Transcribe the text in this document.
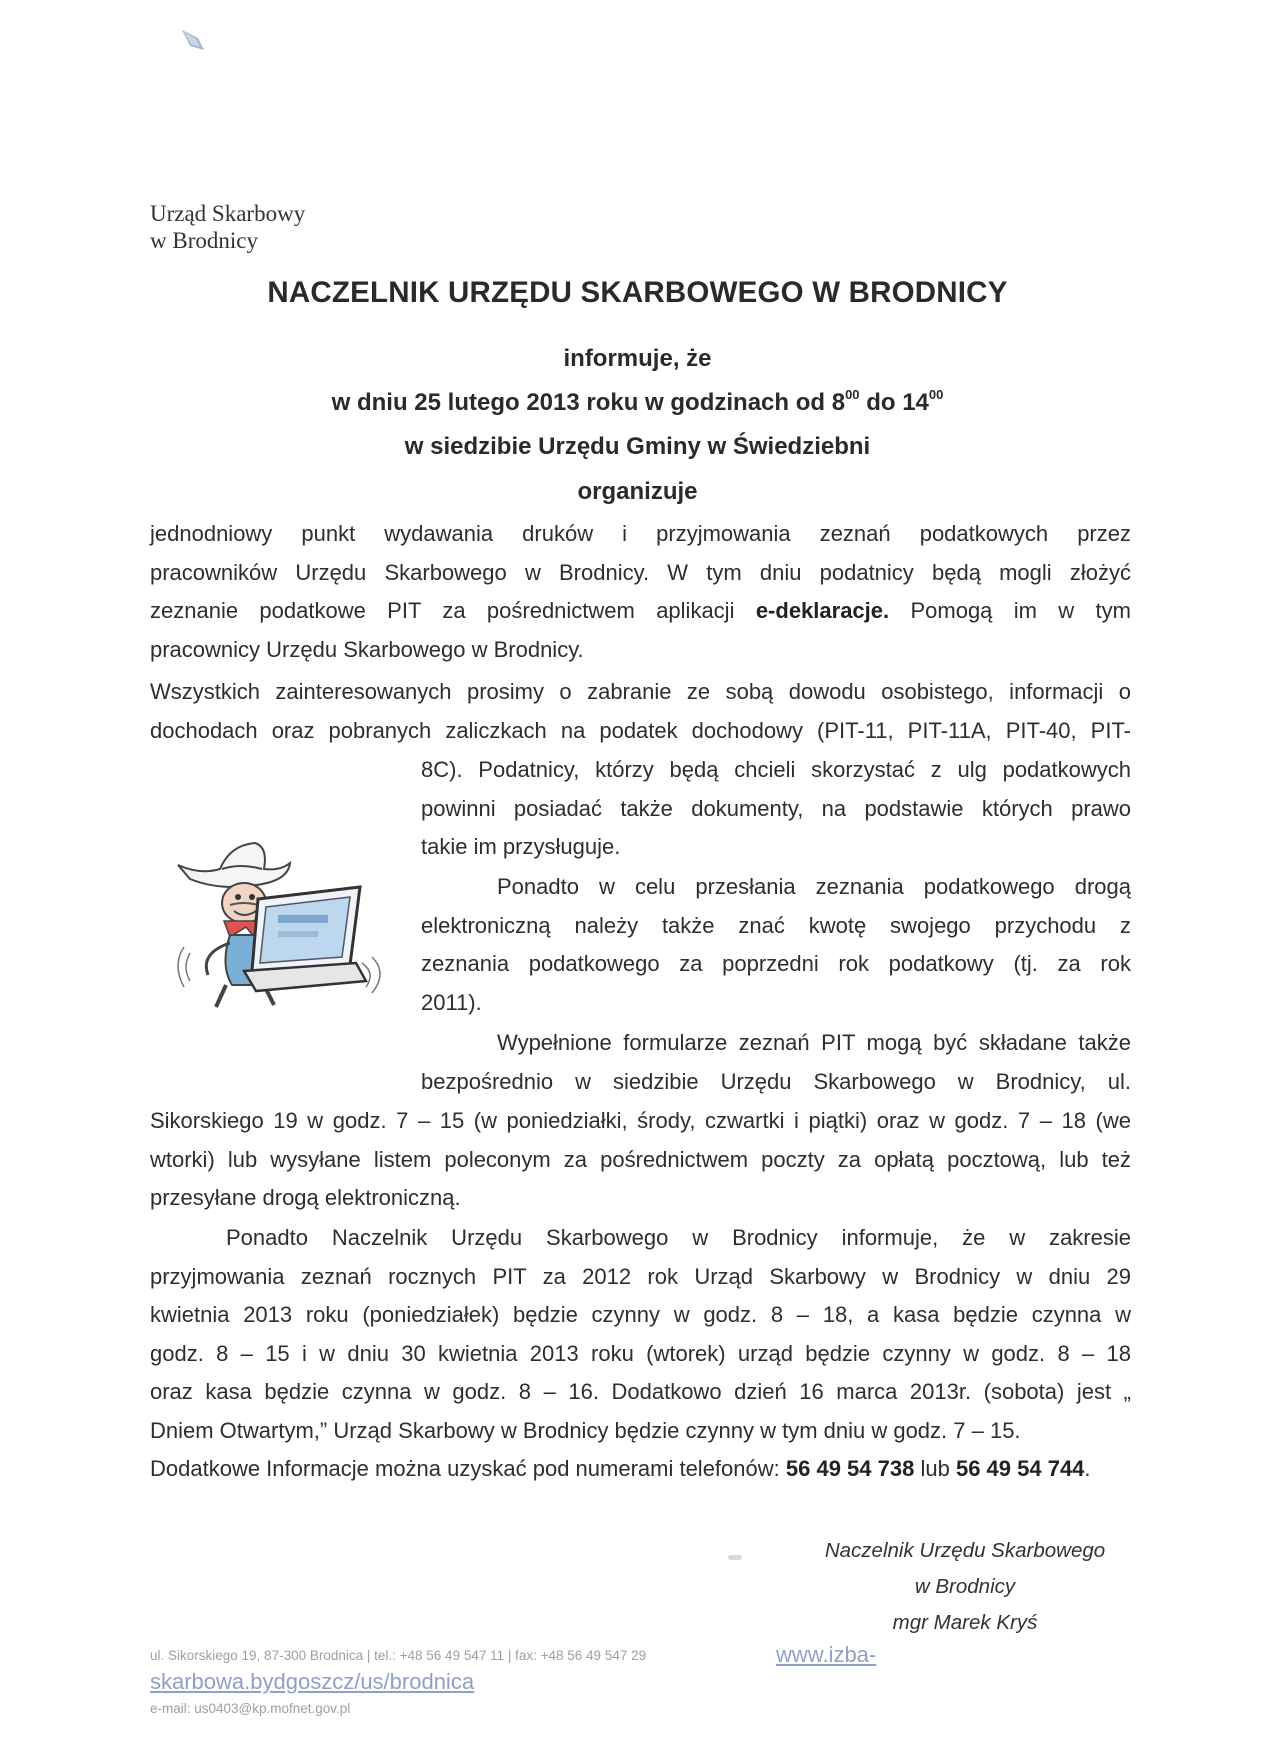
Urząd Skarbowy
w Brodnicy
NACZELNIK URZĘDU SKARBOWEGO W BRODNICY
informuje, że
w dniu 25 lutego 2013 roku w godzinach od $8^{00}$ do $14^{00}$
w siedzibie Urzędu Gminy w Świedziebni
organizuje
jednodniowy punkt wydawania druków i przyjmowania zeznań podatkowych przez
pracowników Urzędu Skarbowego w Brodnicy. W tym dniu podatnicy będą mogli złożyć
zeznanie podatkowe PIT za pośrednictwem aplikacji e-deklaracje. Pomogą im w tym
pracownicy Urzędu Skarbowego w Brodnicy.
Wszystkich zainteresowanych prosimy o zabranie ze sobą dowodu osobistego, informacji o
dochodach oraz pobranych zaliczkach na podatek dochodowy (PIT-11, PIT-11A, PIT-40, PIT-
8C). Podatnicy, którzy będą chcieli skorzystać z ulg podatkowych
powinni posiadać także dokumenty, na podstawie których prawo
takie im przysługuje.
Ponadto w celu przesłania zeznania podatkowego drogą
elektroniczną należy także znać kwotę swojego przychodu z
zeznania podatkowego za poprzedni rok podatkowy (tj. za rok
2011).
Wypełnione formularze zeznań PIT mogą być składane także
bezpośrednio w siedzibie Urzędu Skarbowego w Brodnicy, ul.
Sikorskiego 19 w godz. 7 – 15 (w poniedziałki, środy, czwartki i piątki) oraz w godz. 7 – 18 (we
wtorki) lub wysyłane listem poleconym za pośrednictwem poczty za opłatą pocztową, lub też
przesyłane drogą elektroniczną.
Ponadto Naczelnik Urzędu Skarbowego w Brodnicy informuje, że w zakresie
przyjmowania zeznań rocznych PIT za 2012 rok Urząd Skarbowy w Brodnicy w dniu 29
kwietnia 2013 roku (poniedziałek) będzie czynny w godz. 8 – 18, a kasa będzie czynna w
godz. 8 – 15 i w dniu 30 kwietnia 2013 roku (wtorek) urząd będzie czynny w godz. 8 – 18
oraz kasa będzie czynna w godz. 8 – 16. Dodatkowo dzień 16 marca 2013r. (sobota) jest „
Dniem Otwartym,” Urząd Skarbowy w Brodnicy będzie czynny w tym dniu w godz. 7 – 15.
Dodatkowe Informacje można uzyskać pod numerami telefonów: 56 49 54 738 lub 56 49 54 744.
Naczelnik Urzędu Skarbowego
w Brodnicy
mgr Marek Kryś
ul. Sikorskiego 19, 87-300 Brodnica | tel.: +48 56 49 547 11 | fax: +48 56 49 547 29	www.izba-
skarbowa.bydgoszcz/us/brodnica
e-mail: us0403@kp.mofnet.gov.pl
